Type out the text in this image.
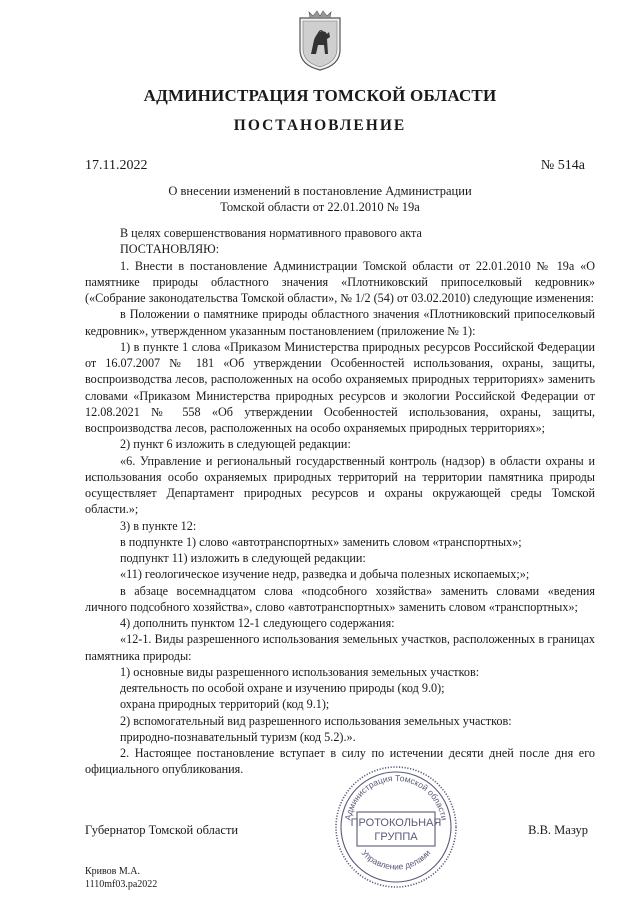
АДМИНИСТРАЦИЯ ТОМСКОЙ ОБЛАСТИ
ПОСТАНОВЛЕНИЕ
17.11.2022	№ 514а
О внесении изменений в постановление Администрации
Томской области от 22.01.2010 № 19а

В целях совершенствования нормативного правового акта

ПОСТАНОВЛЯЮ:

1. Внести в постановление Администрации Томской области от 22.01.2010 № 19а «О памятнике природы областного значения «Плотниковский припоселковый кедровник» («Собрание законодательства Томской области», № 1/2 (54) от 03.02.2010) следующие изменения:

в Положении о памятнике природы областного значения «Плотниковский припоселковый кедровник», утвержденном указанным постановлением (приложение № 1):

1) в пункте 1 слова «Приказом Министерства природных ресурсов Российской Федерации от 16.07.2007 № 181 «Об утверждении Особенностей использования, охраны, защиты, воспроизводства лесов, расположенных на особо охраняемых природных территориях» заменить словами «Приказом Министерства природных ресурсов и экологии Российской Федерации от 12.08.2021 № 558 «Об утверждении Особенностей использования, охраны, защиты, воспроизводства лесов, расположенных на особо охраняемых природных территориях»;

2) пункт 6 изложить в следующей редакции:

«6. Управление и региональный государственный контроль (надзор) в области охраны и использования особо охраняемых природных территорий на территории памятника природы осуществляет Департамент природных ресурсов и охраны окружающей среды Томской области.»;

3) в пункте 12:

в подпункте 1) слово «автотранспортных» заменить словом «транспортных»;

подпункт 11) изложить в следующей редакции:

«11) геологическое изучение недр, разведка и добыча полезных ископаемых;»;

в абзаце восемнадцатом слова «подсобного хозяйства» заменить словами «ведения личного подсобного хозяйства», слово «автотранспортных» заменить словом «транспортных»;

4) дополнить пунктом 12-1 следующего содержания:

«12-1. Виды разрешенного использования земельных участков, расположенных в границах памятника природы:

1) основные виды разрешенного использования земельных участков:

деятельность по особой охране и изучению природы (код 9.0);

охрана природных территорий (код 9.1);

2) вспомогательный вид разрешенного использования земельных участков:

природно-познавательный туризм (код 5.2).».

2. Настоящее постановление вступает в силу по истечении десяти дней после дня его официального опубликования.

Губернатор Томской области	В.В. Мазур
Администрация Томской области
Управление делами
ПРОТОКОЛЬНАЯ
ГРУППА
Кривов М.А.
1110mf03.ра2022
